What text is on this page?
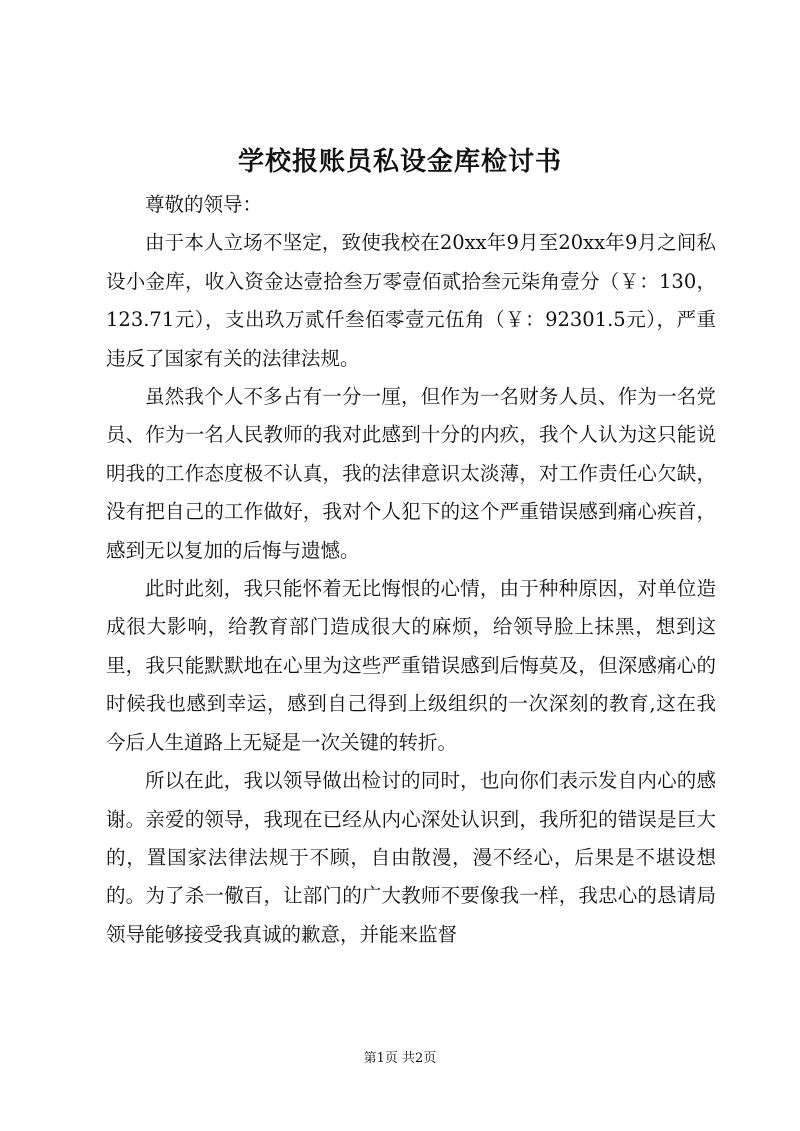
学校报账员私设金库检讨书

尊敬的领导：

由于本人立场不坚定，致使我校在20xx年9月至20xx年9月之间私设小金库，收入资金达壹拾叁万零壹佰贰拾叁元柒角壹分（￥：130，123.71元），支出玖万贰仟叁佰零壹元伍角（￥：92301.5元），严重违反了国家有关的法律法规。

虽然我个人不多占有一分一厘，但作为一名财务人员、作为一名党员、作为一名人民教师的我对此感到十分的内疚，我个人认为这只能说明我的工作态度极不认真，我的法律意识太淡薄，对工作责任心欠缺，没有把自己的工作做好，我对个人犯下的这个严重错误感到痛心疾首，感到无以复加的后悔与遗憾。

此时此刻，我只能怀着无比悔恨的心情，由于种种原因，对单位造成很大影响，给教育部门造成很大的麻烦，给领导脸上抹黑，想到这里，我只能默默地在心里为这些严重错误感到后悔莫及，但深感痛心的时候我也感到幸运，感到自己得到上级组织的一次深刻的教育,这在我今后人生道路上无疑是一次关键的转折。

所以在此，我以领导做出检讨的同时，也向你们表示发自内心的感谢。亲爱的领导，我现在已经从内心深处认识到，我所犯的错误是巨大的，置国家法律法规于不顾，自由散漫，漫不经心，后果是不堪设想的。为了杀一儆百，让部门的广大教师不要像我一样，我忠心的恳请局领导能够接受我真诚的歉意，并能来监督

第1页 共2页
